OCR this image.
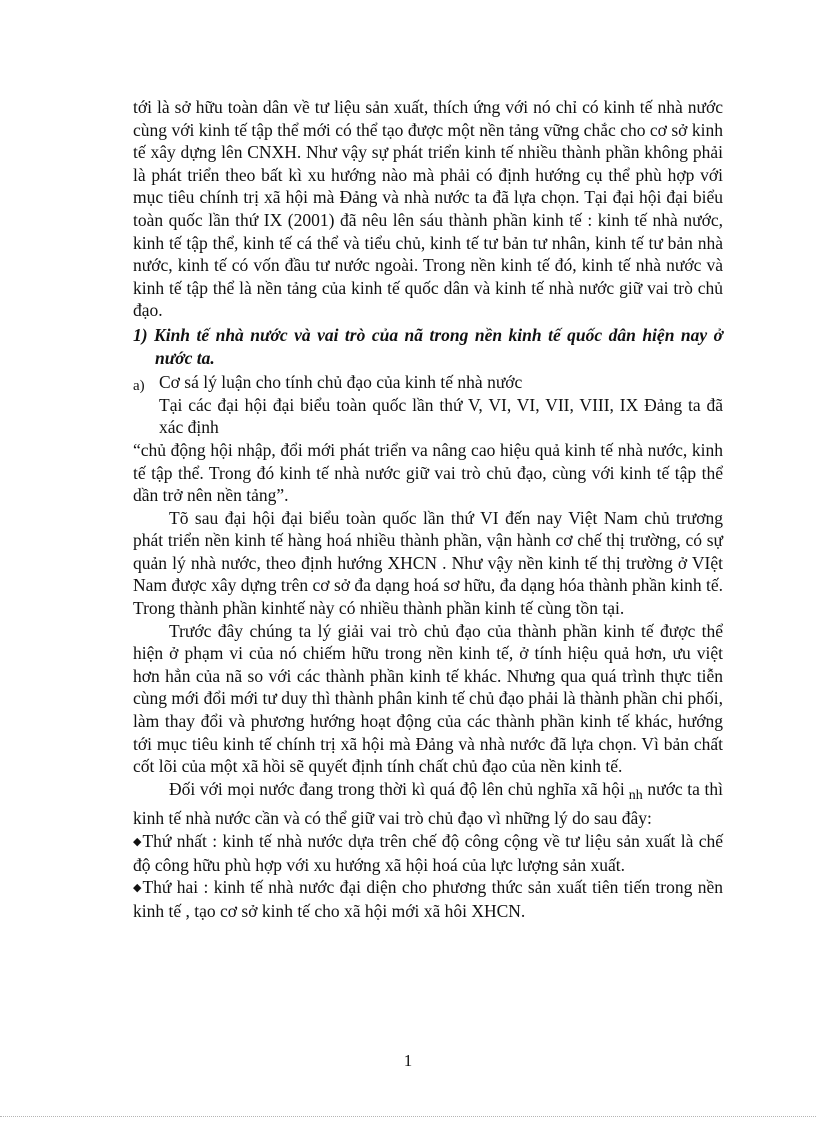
tới là sở hữu toàn dân về tư liệu sản xuất, thích ứng với nó chỉ có kinh tế nhà nước cùng với kinh tế tập thể mới có thể tạo được một nền tảng vững chắc cho cơ sở kinh tế xây dựng lên CNXH. Như vậy sự phát triển kinh tế nhiều thành phần không phải là phát triển theo bất kì xu hướng nào mà phải có định hướng cụ thể phù hợp với mục tiêu chính trị xã hội mà Đảng và nhà nước ta đã lựa chọn. Tại đại hội đại biểu toàn quốc lần thứ IX (2001) đã nêu lên sáu thành phần kinh tế : kinh tế nhà nước, kinh tế tập thể, kinh tế cá thể và tiểu chủ, kinh tế tư bản tư nhân, kinh tế tư bản nhà nước, kinh tế có vốn đầu tư nước ngoài. Trong nền kinh tế đó, kinh tế nhà nước và kinh tế tập thể là nền tảng của kinh tế quốc dân và kinh tế nhà nước giữ vai trò chủ đạo.

1) Kinh tế nhà nước và vai trò của nã trong nền kinh tế quốc dân hiện nay ở nước ta.

a) Cơ sá lý luận cho tính chủ đạo của kinh tế nhà nước

Tại các đại hội đại biểu toàn quốc lần thứ V, VI, VI, VII, VIII, IX Đảng ta đã xác định

“chủ động hội nhập, đổi mới phát triển va nâng cao hiệu quả kinh tế nhà nước, kinh tế tập thể. Trong đó kinh tế nhà nước giữ vai trò chủ đạo, cùng với kinh tế tập thể dần trở nên nền tảng”.

Tõ sau đại hội đại biểu toàn quốc lần thứ VI đến nay Việt Nam chủ trương phát triển nền kinh tế hàng hoá nhiều thành phần, vận hành cơ chế thị trường, có sự quản lý nhà nước, theo định hướng XHCN . Như vậy nền kinh tế thị trường ở VIệt Nam được xây dựng trên cơ sở đa dạng hoá sơ hữu, đa dạng hóa thành phần kinh tế. Trong thành phần kinhtế này có nhiều thành phần kinh tế cùng tồn tại.

Trước đây chúng ta lý giải vai trò chủ đạo của thành phần kinh tế được thể hiện ở phạm vi của nó chiếm hữu trong nền kinh tế, ở tính hiệu quả hơn, ưu việt hơn hẳn của nã so với các thành phần kinh tế khác. Nhưng qua quá trình thực tiễn cùng mới đổi mới tư duy thì thành phân kinh tế chủ đạo phải là thành phần chi phối, làm thay đổi và phương hướng hoạt động của các thành phần kinh tế khác, hướng tới mục tiêu kinh tế chính trị xã hội mà Đảng và nhà nước đã lựa chọn. Vì bản chất cốt lõi của một xã hồi sẽ quyết định tính chất chủ đạo của nền kinh tế.

Đối với mọi nước đang trong thời kì quá độ lên chủ nghĩa xã hội $_{nh}$ nước ta thì kinh tế nhà nước cần và có thể giữ vai trò chủ đạo vì những lý do sau đây:

◆Thứ nhất : kinh tế nhà nước dựa trên chế độ công cộng về tư liệu sản xuất là chế độ công hữu phù hợp với xu hướng xã hội hoá của lực lượng sản xuất.

◆Thứ hai : kinh tế nhà nước đại diện cho phương thức sản xuất tiên tiến trong nền kinh tế , tạo cơ sở kinh tế cho xã hội mới xã hôi XHCN.

1
